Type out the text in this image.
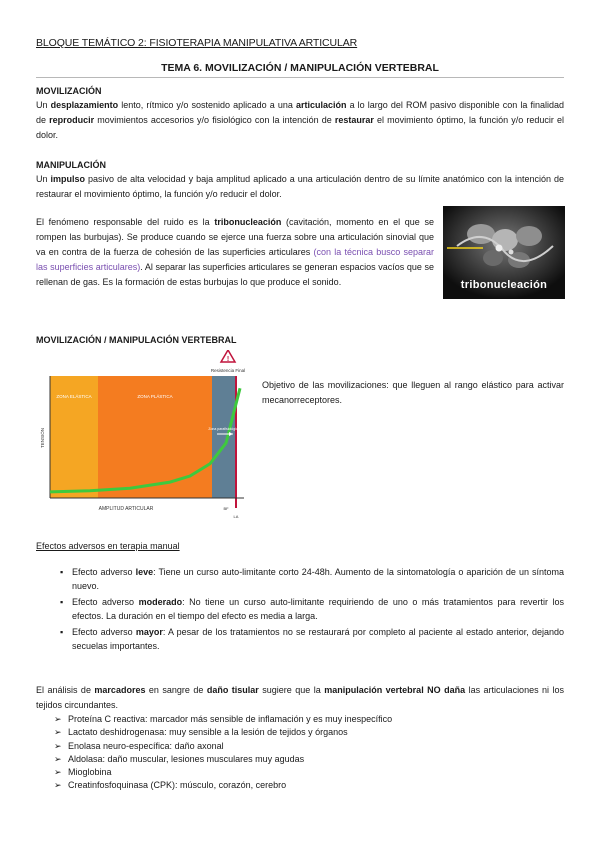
BLOQUE TEMÁTICO 2: FISIOTERAPIA MANIPULATIVA ARTICULAR
TEMA 6. MOVILIZACIÓN / MANIPULACIÓN VERTEBRAL
MOVILIZACIÓN
Un desplazamiento lento, rítmico y/o sostenido aplicado a una articulación a lo largo del ROM pasivo disponible con la finalidad de reproducir movimientos accesorios y/o fisiológico con la intención de restaurar el movimiento óptimo, la función y/o reducir el dolor.
MANIPULACIÓN
Un impulso pasivo de alta velocidad y baja amplitud aplicado a una articulación dentro de su límite anatómico con la intención de restaurar el movimiento óptimo, la función y/o reducir el dolor.
El fenómeno responsable del ruido es la tribonucleación (cavitación, momento en el que se rompen las burbujas). Se produce cuando se ejerce una fuerza sobre una articulación sinovial que va en contra de la fuerza de cohesión de las superficies articulares (con la técnica busco separar las superficies articulares). Al separar las superficies articulares se generan espacios vacíos que se rellenan de gas. Es la formación de estas burbujas lo que produce el sonido.	tribonucleación
MOVILIZACIÓN / MANIPULACIÓN VERTEBRAL
!
ZONA ELÁSTICA	ZONA PLÁSTICA
Zona parafisiológica
Resistencia Final
TENSIÓN
AMPLITUD ARTICULAR	BF
LA
Objetivo de las movilizaciones: que lleguen al rango elástico para activar mecanorreceptores.
Efectos adversos en terapia manual
▪ Efecto adverso leve: Tiene un curso auto-limitante corto 24-48h. Aumento de la sintomatología o aparición de un síntoma nuevo.
▪ Efecto adverso moderado: No tiene un curso auto-limitante requiriendo de uno o más tratamientos para revertir los efectos. La duración en el tiempo del efecto es media a larga.
▪ Efecto adverso mayor: A pesar de los tratamientos no se restaurará por completo al paciente al estado anterior, dejando secuelas importantes.
El análisis de marcadores en sangre de daño tisular sugiere que la manipulación vertebral NO daña las articulaciones ni los tejidos circundantes.
➢ Proteína C reactiva: marcador más sensible de inflamación y es muy inespecífico
➢ Lactato deshidrogenasa: muy sensible a la lesión de tejidos y órganos
➢ Enolasa neuro-específica: daño axonal
➢ Aldolasa: daño muscular, lesiones musculares muy agudas
➢ Mioglobina
➢ Creatinfosfoquinasa (CPK): músculo, corazón, cerebro
